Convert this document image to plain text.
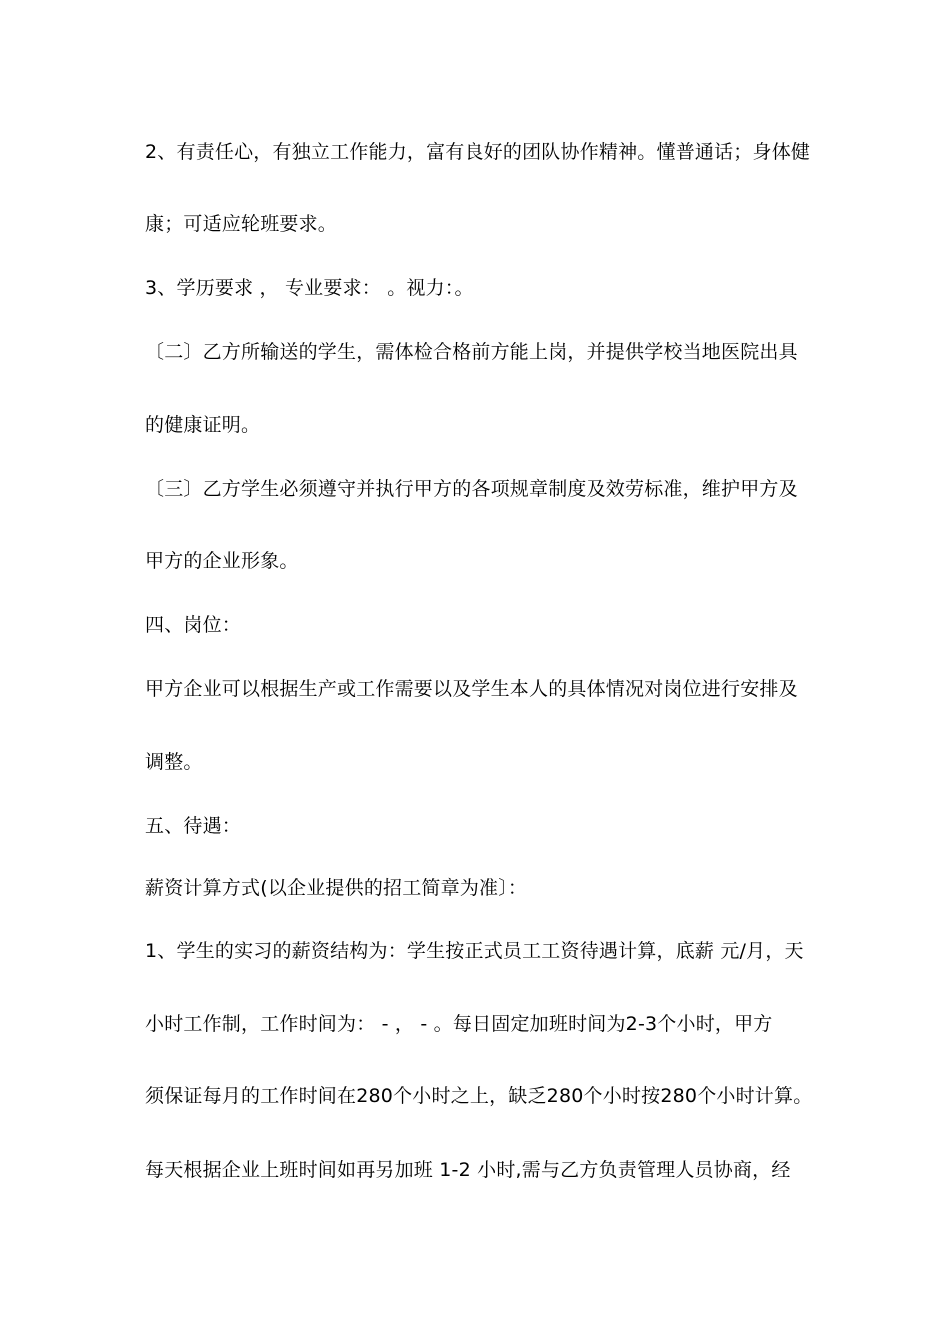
2、有责任心，有独立工作能力，富有良好的团队协作精神。懂普通话；身体健
康；可适应轮班要求。
3、学历要求 ， 专业要求： 。视力：。
〔二〕乙方所输送的学生，需体检合格前方能上岗，并提供学校当地医院出具
的健康证明。
〔三〕乙方学生必须遵守并执行甲方的各项规章制度及效劳标准，维护甲方及
甲方的企业形象。
四、岗位：
甲方企业可以根据生产或工作需要以及学生本人的具体情况对岗位进行安排及
调整。
五、待遇：
薪资计算方式(以企业提供的招工简章为准〕：
1、学生的实习的薪资结构为：学生按正式员工工资待遇计算，底薪 元/月，天
小时工作制，工作时间为： - ， - 。每日固定加班时间为2-3个小时，甲方
须保证每月的工作时间在280个小时之上，缺乏280个小时按280个小时计算。
每天根据企业上班时间如再另加班 1-2 小时,需与乙方负责管理人员协商，经
